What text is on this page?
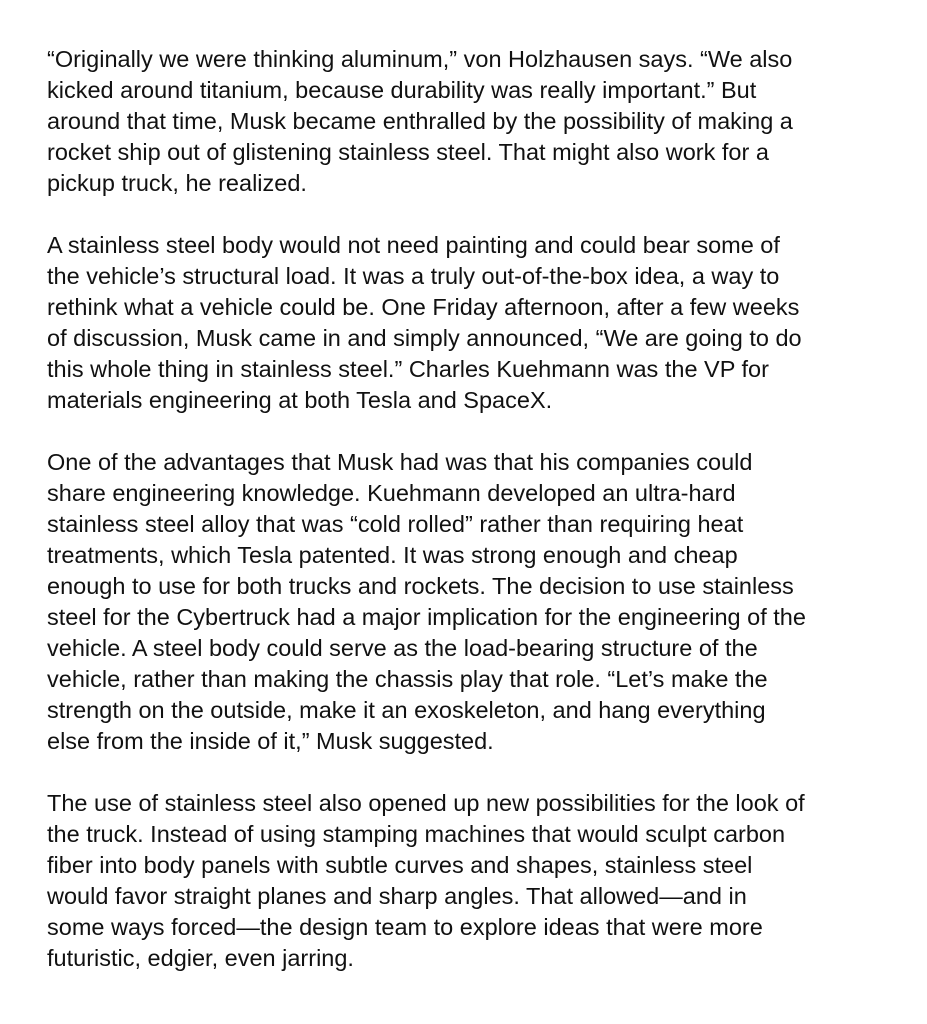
“Originally we were thinking aluminum,” von Holzhausen says. “We also
kicked around titanium, because durability was really important.” But
around that time, Musk became enthralled by the possibility of making a
rocket ship out of glistening stainless steel. That might also work for a
pickup truck, he realized.

A stainless steel body would not need painting and could bear some of
the vehicle’s structural load. It was a truly out-of-the-box idea, a way to
rethink what a vehicle could be. One Friday afternoon, after a few weeks
of discussion, Musk came in and simply announced, “We are going to do
this whole thing in stainless steel.” Charles Kuehmann was the VP for
materials engineering at both Tesla and SpaceX.

One of the advantages that Musk had was that his companies could
share engineering knowledge. Kuehmann developed an ultra-hard
stainless steel alloy that was “cold rolled” rather than requiring heat
treatments, which Tesla patented. It was strong enough and cheap
enough to use for both trucks and rockets. The decision to use stainless
steel for the Cybertruck had a major implication for the engineering of the
vehicle. A steel body could serve as the load-bearing structure of the
vehicle, rather than making the chassis play that role. “Let’s make the
strength on the outside, make it an exoskeleton, and hang everything
else from the inside of it,” Musk suggested.

The use of stainless steel also opened up new possibilities for the look of
the truck. Instead of using stamping machines that would sculpt carbon
fiber into body panels with subtle curves and shapes, stainless steel
would favor straight planes and sharp angles. That allowed—and in
some ways forced—the design team to explore ideas that were more
futuristic, edgier, even jarring.
